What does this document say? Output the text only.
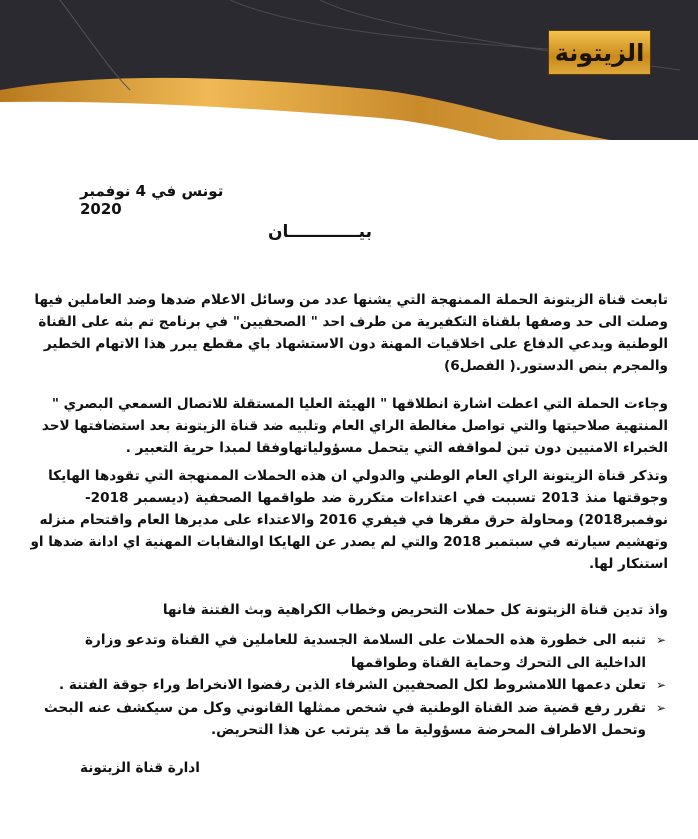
الزيتونة
تونس في 4 نوفمبر 2020
بيــــــــــــان
تابعت قناة الزيتونة الحملة الممنهجة التي يشنها عدد من وسائل الاعلام ضدها وضد العاملين فيها
وصلت الى حد وصفها بلقناة التكفيرية من طرف احد " الصحفيين" في برنامج تم بثه على القناة
الوطنية ويدعي الدفاع على اخلاقيات المهنة دون الاستشهاد باي مقطع يبرر هذا الاتهام الخطير
والمجرم بنص الدستور.( الفصل6)
وجاءت الحملة التي اعطت اشارة انطلاقها " الهيئة العليا المستقلة للاتصال السمعي البصري "
المنتهية صلاحيتها والتي تواصل مغالطة الراي العام وتلبيه ضد قناة الزيتونة بعد استضافتها لاحد
الخبراء الامنيين دون تبن لمواقفه التي يتحمل مسؤولياتهاوفقا لمبدا حرية التعبير .
وتذكر قناة الزيتونة الراي العام الوطني والدولي ان هذه الحملات الممنهجة التي تقودها الهايكا
وجوقتها منذ 2013 تسببت في اعتداءات متكررة ضد طواقمها الصحفية (ديسمبر 2018-
نوفمبر2018) ومحاولة حرق مقرها في فيفري 2016 والاعتداء على مديرها العام واقتحام منزله
وتهشيم سيارته في سبتمبر 2018 والتي لم يصدر عن الهايكا اوالنقابات المهنية اي ادانة ضدها او
استنكار لها.
واذ تدين قناة الزيتونة كل حملات التحريض وخطاب الكراهية وبث الفتنة فانها
➢
تنبه الى خطورة هذه الحملات على السلامة الجسدية للعاملين في القناة وتدعو وزارة
الداخلية الى التحرك وحماية القناة وطواقمها
➢
تعلن دعمها اللامشروط لكل الصحفيين الشرفاء الذين رفضوا الانخراط وراء جوقة الفتنة .
➢
تقرر رفع قضية ضد القناة الوطنية في شخص ممثلها القانوني وكل من سيكشف عنه البحث
وتحمل الاطراف المحرضة مسؤولية ما قد يترتب عن هذا التحريض.
ادارة قناة الزيتونة
